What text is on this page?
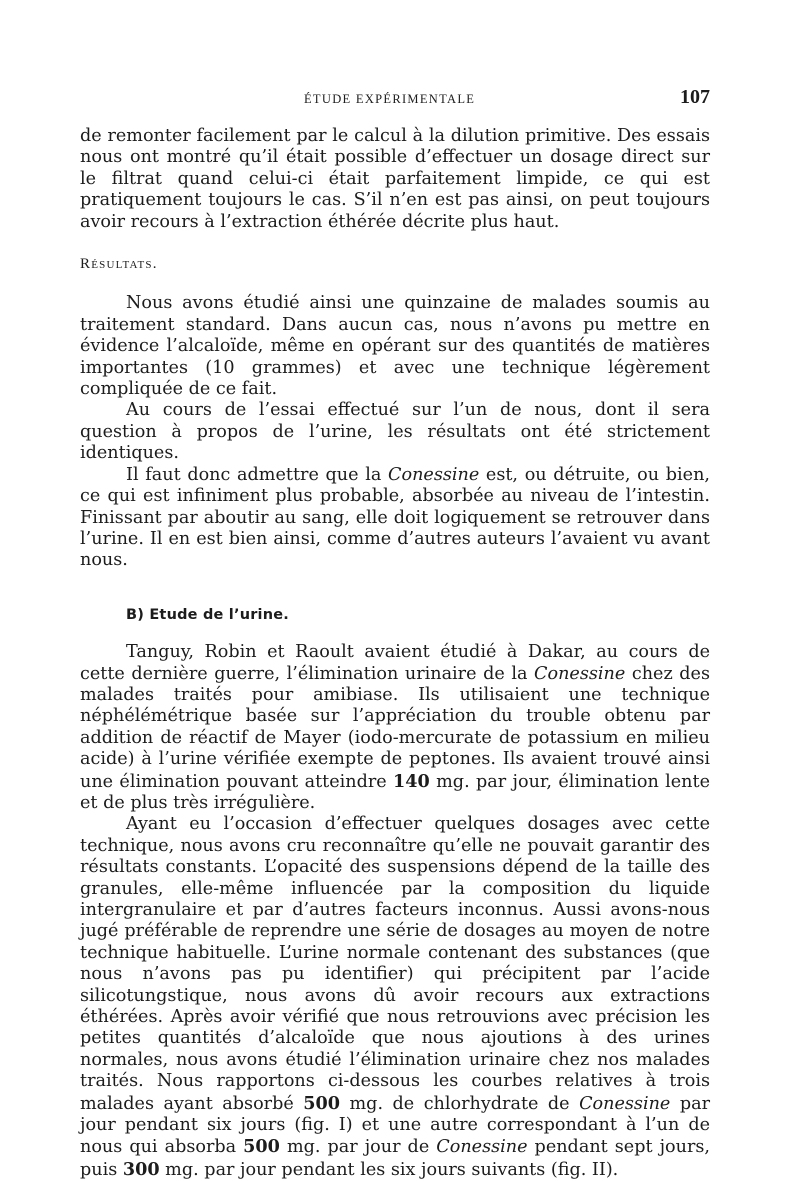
ÉTUDE EXPÉRIMENTALE	107

de remonter facilement par le calcul à la dilution primitive. Des essais nous ont montré qu’il était possible d’effectuer un dosage direct sur le filtrat quand celui-ci était parfaitement limpide, ce qui est pratiquement toujours le cas. S’il n’en est pas ainsi, on peut toujours avoir recours à l’extraction éthérée décrite plus haut.

Résultats.

Nous avons étudié ainsi une quinzaine de malades soumis au traitement standard. Dans aucun cas, nous n’avons pu mettre en évidence l’alcaloïde, même en opérant sur des quantités de matières importantes (10 grammes) et avec une technique légèrement compliquée de ce fait.

Au cours de l’essai effectué sur l’un de nous, dont il sera question à propos de l’urine, les résultats ont été strictement identiques.

Il faut donc admettre que la Conessine est, ou détruite, ou bien, ce qui est infiniment plus probable, absorbée au niveau de l’intestin. Finissant par aboutir au sang, elle doit logiquement se retrouver dans l’urine. Il en est bien ainsi, comme d’autres auteurs l’avaient vu avant nous.

B) Etude de l’urine.

Tanguy, Robin et Raoult avaient étudié à Dakar, au cours de cette dernière guerre, l’élimination urinaire de la Conessine chez des malades traités pour amibiase. Ils utilisaient une technique néphélémétrique basée sur l’appréciation du trouble obtenu par addition de réactif de Mayer (iodo-mercurate de potassium en milieu acide) à l’urine vérifiée exempte de peptones. Ils avaient trouvé ainsi une élimination pouvant atteindre 140 mg. par jour, élimination lente et de plus très irrégulière.

Ayant eu l’occasion d’effectuer quelques dosages avec cette technique, nous avons cru reconnaître qu’elle ne pouvait garantir des résultats constants. L’opacité des suspensions dépend de la taille des granules, elle-même influencée par la composition du liquide intergranulaire et par d’autres facteurs inconnus. Aussi avons-nous jugé préférable de reprendre une série de dosages au moyen de notre technique habituelle. L’urine normale contenant des substances (que nous n’avons pas pu identifier) qui précipitent par l’acide silicotungstique, nous avons dû avoir recours aux extractions éthérées. Après avoir vérifié que nous retrouvions avec précision les petites quantités d’alcaloïde que nous ajoutions à des urines normales, nous avons étudié l’élimination urinaire chez nos malades traités. Nous rapportons ci-dessous les courbes relatives à trois malades ayant absorbé 500 mg. de chlorhydrate de Conessine par jour pendant six jours (fig. I) et une autre correspondant à l’un de nous qui absorba 500 mg. par jour de Conessine pendant sept jours, puis 300 mg. par jour pendant les six jours suivants (fig. II).
